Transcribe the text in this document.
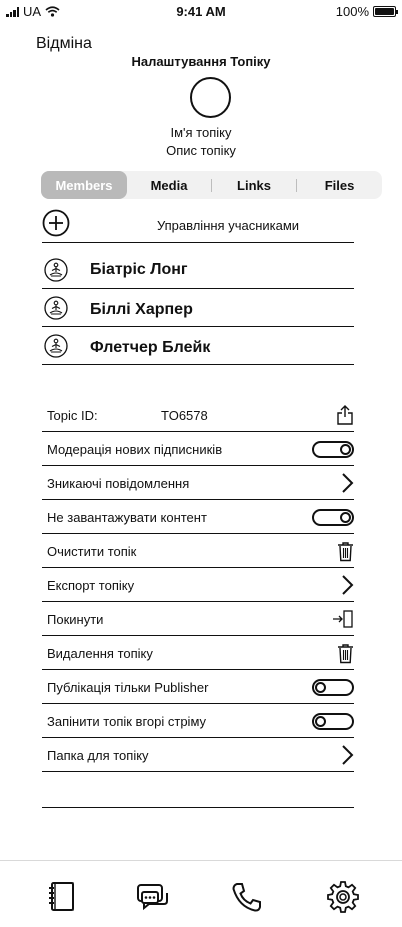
UA	9:41 AM	100%
Відміна
Налаштування Топіку
Ім'я топіку
Опис топіку
Members	Media	Links	Files
Управління учасниками
Біатріс Лонг
Біллі Харпер
Флетчер Блейк
Topic ID:	TO6578
Модерація нових підписників
Зникаючі повідомлення
Не завантажувати контент
Очистити топік
Експорт топіку
Покинути
Видалення топіку
Публікація тільки Publisher
Запінити топік вгорі стріму
Папка для топіку
